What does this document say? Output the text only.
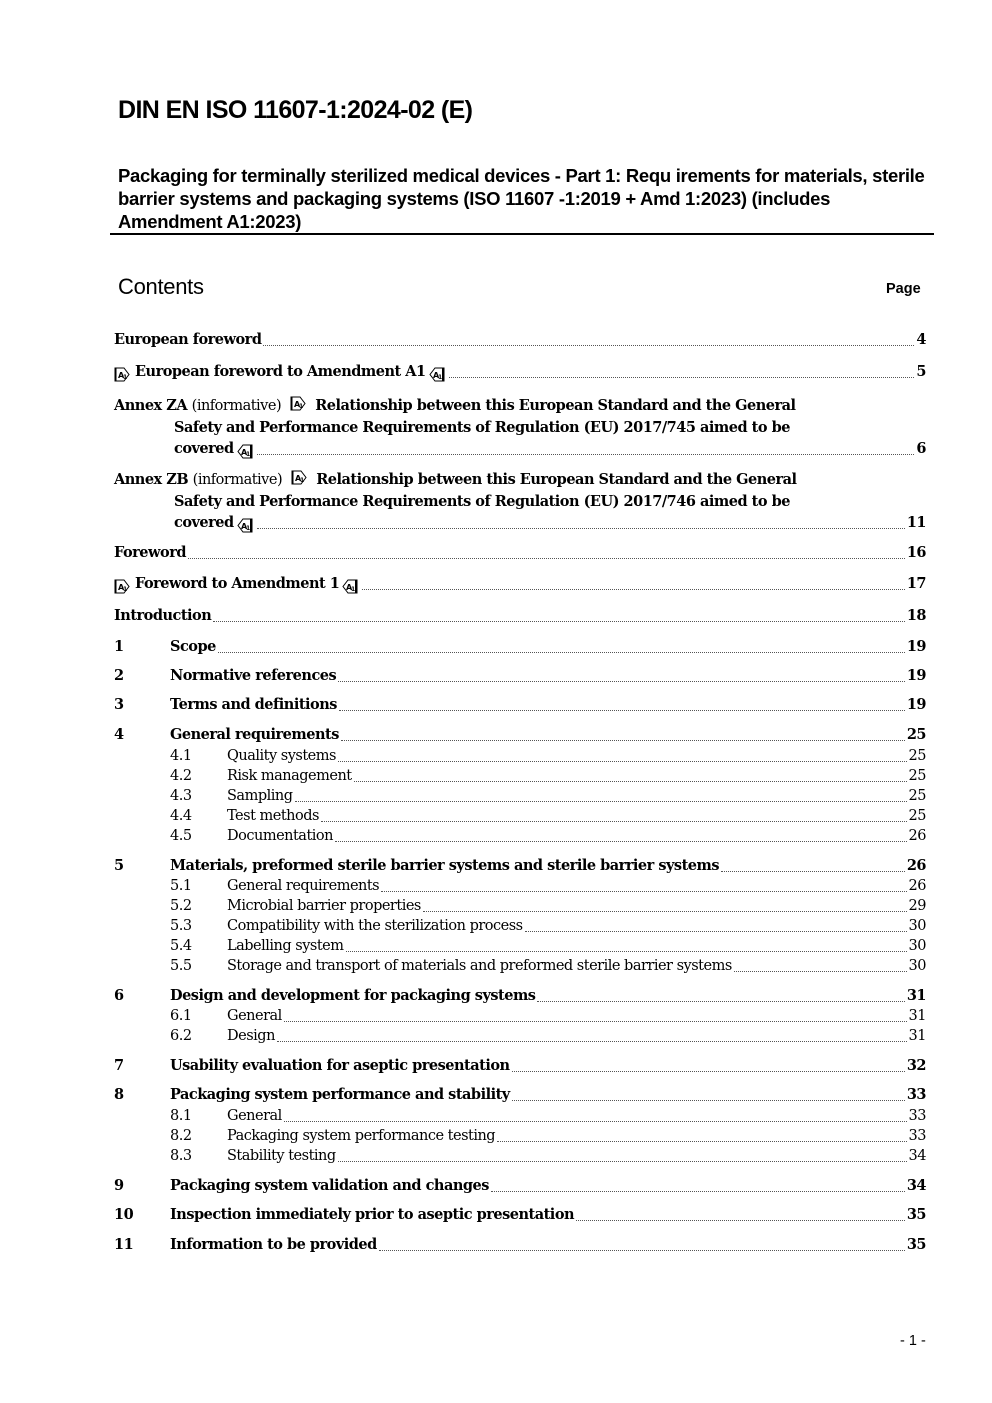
DIN EN ISO 11607-1:2024-02 (E)
Packaging for terminally sterilized medical devices - Part 1: Requ irements for materials, sterile barrier systems and packaging systems (ISO 11607 -1:2019 + Amd 1:2023) (includes Amendment A1:2023)
Contents	Page
European foreword	4
A 1 European foreword to Amendment A1 A 1	5
Annex ZA (informative) A 1 Relationship between this European Standard and the General
Safety and Performance Requirements of Regulation (EU) 2017/745 aimed to be
covered A 1	6
Annex ZB (informative) A 1 Relationship between this European Standard and the General
Safety and Performance Requirements of Regulation (EU) 2017/746 aimed to be
covered A 1	11
Foreword	16
A 1 Foreword to Amendment 1 A 1	17
Introduction	18
1	Scope	19
2	Normative references	19
3	Terms and definitions	19
4	General requirements	25
4.1	Quality systems	25
4.2	Risk management	25
4.3	Sampling	25
4.4	Test methods	25
4.5	Documentation	26
5	Materials, preformed sterile barrier systems and sterile barrier systems	26
5.1	General requirements	26
5.2	Microbial barrier properties	29
5.3	Compatibility with the sterilization process	30
5.4	Labelling system	30
5.5	Storage and transport of materials and preformed sterile barrier systems	30
6	Design and development for packaging systems	31
6.1	General	31
6.2	Design	31
7	Usability evaluation for aseptic presentation	32
8	Packaging system performance and stability	33
8.1	General	33
8.2	Packaging system performance testing	33
8.3	Stability testing	34
9	Packaging system validation and changes	34
10	Inspection immediately prior to aseptic presentation	35
11	Information to be provided	35
- 1 -
